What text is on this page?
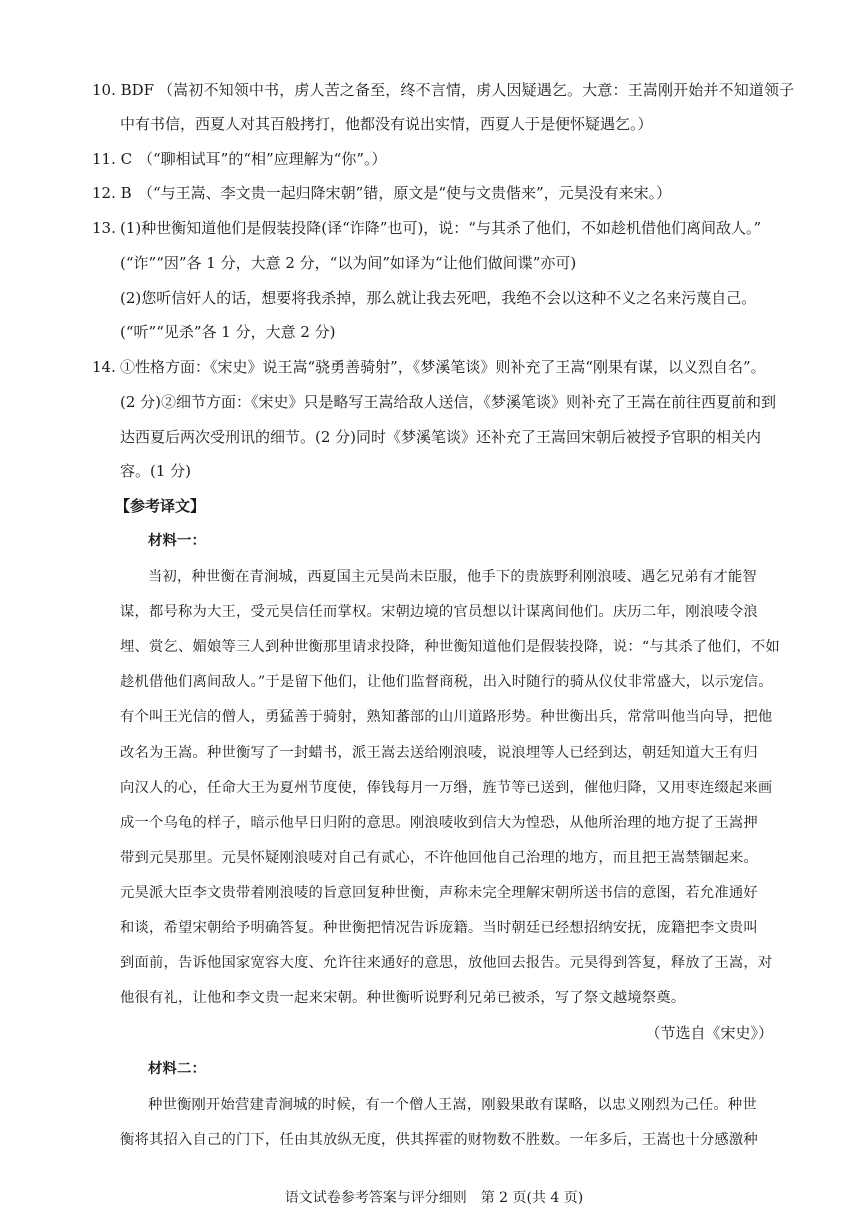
10. BDF （嵩初不知领中书，虏人苦之备至，终不言情，虏人因疑遇乞。大意：王嵩刚开始并不知道领子
中有书信，西夏人对其百般拷打，他都没有说出实情，西夏人于是便怀疑遇乞。）
11. C （“聊相试耳”的“相”应理解为“你”。）
12. B （“与王嵩、李文贵一起归降宋朝”错，原文是“使与文贵偕来”，元昊没有来宋。）
13. (1)种世衡知道他们是假装投降(译“诈降”也可)，说：“与其杀了他们，不如趁机借他们离间敌人。”
(“诈”“因”各 1 分，大意 2 分，“以为间”如译为“让他们做间谍”亦可)
(2)您听信奸人的话，想要将我杀掉，那么就让我去死吧，我绝不会以这种不义之名来污蔑自己。
(“听”“见杀”各 1 分，大意 2 分)
14. ①性格方面：《宋史》说王嵩“骁勇善骑射”，《梦溪笔谈》则补充了王嵩“刚果有谋，以义烈自名”。
(2 分)②细节方面：《宋史》只是略写王嵩给敌人送信，《梦溪笔谈》则补充了王嵩在前往西夏前和到
达西夏后两次受刑讯的细节。(2 分)同时《梦溪笔谈》还补充了王嵩回宋朝后被授予官职的相关内
容。(1 分)
【参考译文】
材料一：
当初，种世衡在青涧城，西夏国主元昊尚未臣服，他手下的贵族野利刚浪唛、遇乞兄弟有才能智
谋，都号称为大王，受元昊信任而掌权。宋朝边境的官员想以计谋离间他们。庆历二年，刚浪唛令浪
埋、赏乞、媚娘等三人到种世衡那里请求投降，种世衡知道他们是假装投降，说：“与其杀了他们，不如
趁机借他们离间敌人。”于是留下他们，让他们监督商税，出入时随行的骑从仪仗非常盛大，以示宠信。
有个叫王光信的僧人，勇猛善于骑射，熟知蕃部的山川道路形势。种世衡出兵，常常叫他当向导，把他
改名为王嵩。种世衡写了一封蜡书，派王嵩去送给刚浪唛，说浪埋等人已经到达，朝廷知道大王有归
向汉人的心，任命大王为夏州节度使，俸钱每月一万缗，旌节等已送到，催他归降，又用枣连缀起来画
成一个乌龟的样子，暗示他早日归附的意思。刚浪唛收到信大为惶恐，从他所治理的地方捉了王嵩押
带到元昊那里。元昊怀疑刚浪唛对自己有贰心，不许他回他自己治理的地方，而且把王嵩禁锢起来。
元昊派大臣李文贵带着刚浪唛的旨意回复种世衡，声称未完全理解宋朝所送书信的意图，若允准通好
和谈，希望宋朝给予明确答复。种世衡把情况告诉庞籍。当时朝廷已经想招纳安抚，庞籍把李文贵叫
到面前，告诉他国家宽容大度、允许往来通好的意思，放他回去报告。元昊得到答复，释放了王嵩，对
他很有礼，让他和李文贵一起来宋朝。种世衡听说野利兄弟已被杀，写了祭文越境祭奠。
（节选自《宋史》）
材料二：
种世衡刚开始营建青涧城的时候，有一个僧人王嵩，刚毅果敢有谋略，以忠义刚烈为己任。种世
衡将其招入自己的门下，任由其放纵无度，供其挥霍的财物数不胜数。一年多后，王嵩也十分感激种
语文试卷参考答案与评分细则　第 2 页(共 4 页)
